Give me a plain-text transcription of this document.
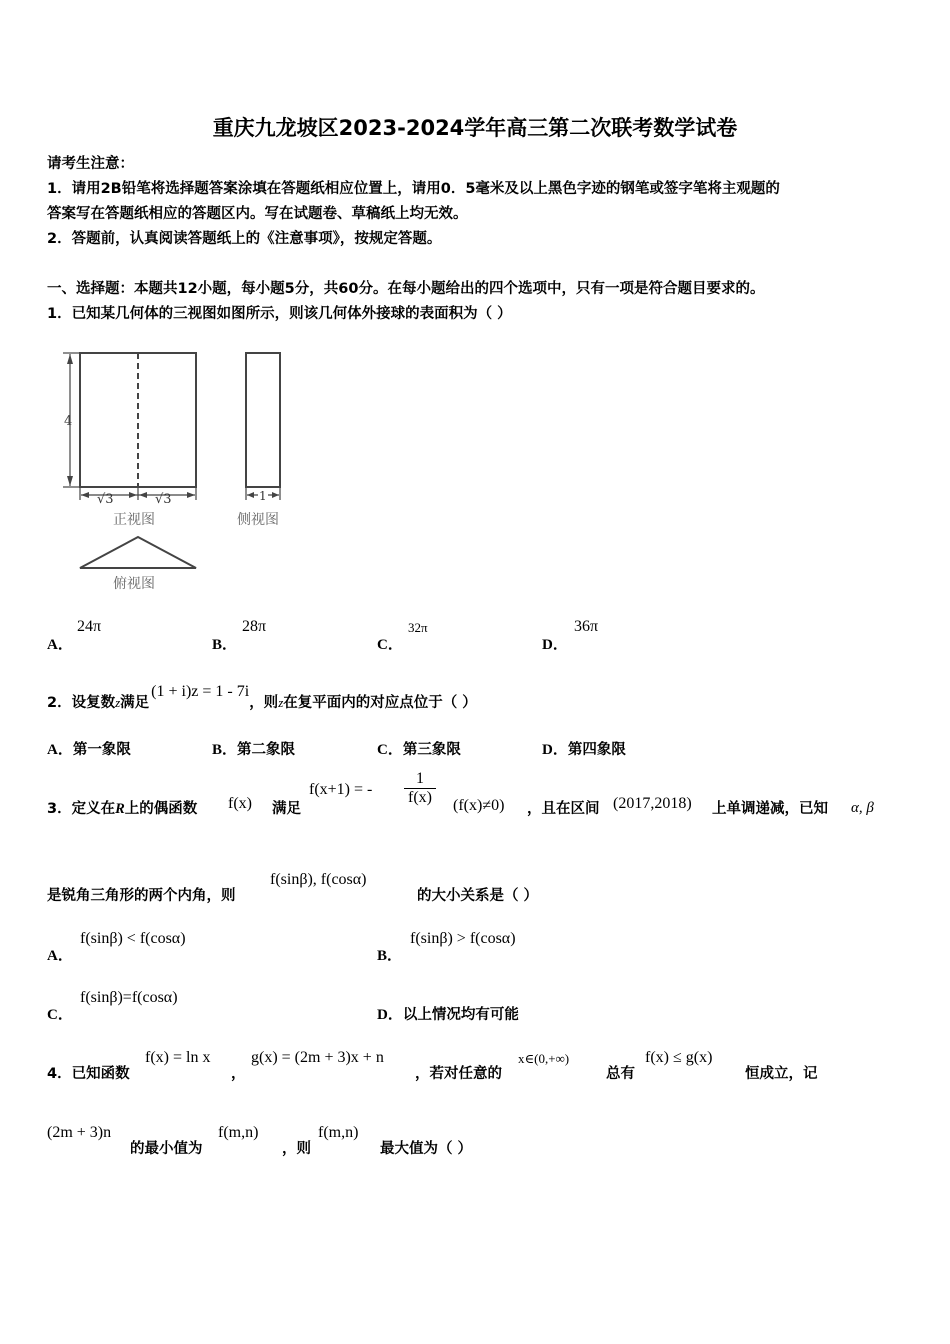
重庆九龙坡区2023-2024学年高三第二次联考数学试卷
请考生注意：
1．请用2B铅笔将选择题答案涂填在答题纸相应位置上，请用0．5毫米及以上黑色字迹的钢笔或签字笔将主观题的
答案写在答题纸相应的答题区内。写在试题卷、草稿纸上均无效。
2．答题前，认真阅读答题纸上的《注意事项》，按规定答题。
一、选择题：本题共12小题，每小题5分，共60分。在每小题给出的四个选项中，只有一项是符合题目要求的。
1．已知某几何体的三视图如图所示，则该几何体外接球的表面积为（ ）
4
√3	√3
正视图
1
侧视图
俯视图
A．
24π
B．
28π
C．
32π
D．
36π
2．设复数$_z$满足(1 + i)z = 1 - 7i，则$_z$在复平面内的对应点位于（ ）
A．第一象限	B．第二象限	C．第三象限	D．第四象限
3．定义在R上的偶函数 f(x) 满足
f(x+1) = - $\frac{1}{f(x)} (f(x)\ne 0)$ ，且在区间 (2017,2018) 上单调递减，已知 α, β
是锐角三角形的两个内角，则
f(sinβ), f(cosα)
的大小关系是（ ）
A．
f(sinβ) < f(cosα)
B．
f(sinβ) > f(cosα)
C．
f(sinβ)=f(cosα)
D．以上情况均有可能
4．已知函数
f(x) = ln x
，
g(x) = (2m + 3)x + n
，若对任意的
x∈(0,+∞)
总有
f(x) ≤ g(x)
恒成立，记
(2m + 3)n
的最小值为
f(m,n)
，则
f(m,n)
最大值为（ ）
